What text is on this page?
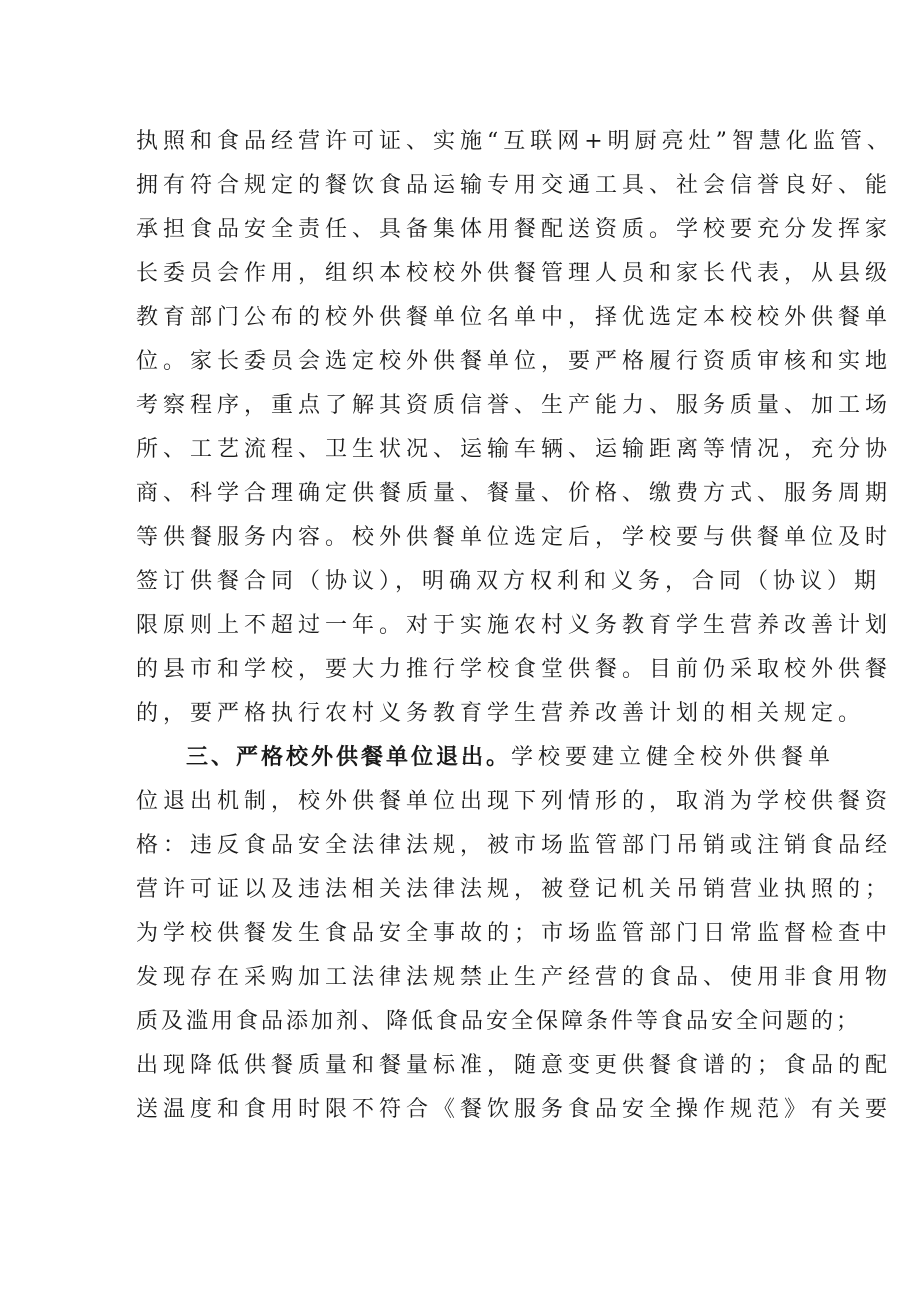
执照和食品经营许可证、实施“互联网+明厨亮灶”智慧化监管、
拥有符合规定的餐饮食品运输专用交通工具、社会信誉良好、能
承担食品安全责任、具备集体用餐配送资质。学校要充分发挥家
长委员会作用，组织本校校外供餐管理人员和家长代表，从县级
教育部门公布的校外供餐单位名单中，择优选定本校校外供餐单
位。家长委员会选定校外供餐单位，要严格履行资质审核和实地
考察程序，重点了解其资质信誉、生产能力、服务质量、加工场
所、工艺流程、卫生状况、运输车辆、运输距离等情况，充分协
商、科学合理确定供餐质量、餐量、价格、缴费方式、服务周期
等供餐服务内容。校外供餐单位选定后，学校要与供餐单位及时
签订供餐合同（协议），明确双方权利和义务，合同（协议）期
限原则上不超过一年。对于实施农村义务教育学生营养改善计划
的县市和学校，要大力推行学校食堂供餐。目前仍采取校外供餐
的，要严格执行农村义务教育学生营养改善计划的相关规定。
三、严格校外供餐单位退出。学校要建立健全校外供餐单
位退出机制，校外供餐单位出现下列情形的，取消为学校供餐资
格：违反食品安全法律法规，被市场监管部门吊销或注销食品经
营许可证以及违法相关法律法规，被登记机关吊销营业执照的；
为学校供餐发生食品安全事故的；市场监管部门日常监督检查中
发现存在采购加工法律法规禁止生产经营的食品、使用非食用物
质及滥用食品添加剂、降低食品安全保障条件等食品安全问题的；
出现降低供餐质量和餐量标准，随意变更供餐食谱的；食品的配
送温度和食用时限不符合《餐饮服务食品安全操作规范》有关要
